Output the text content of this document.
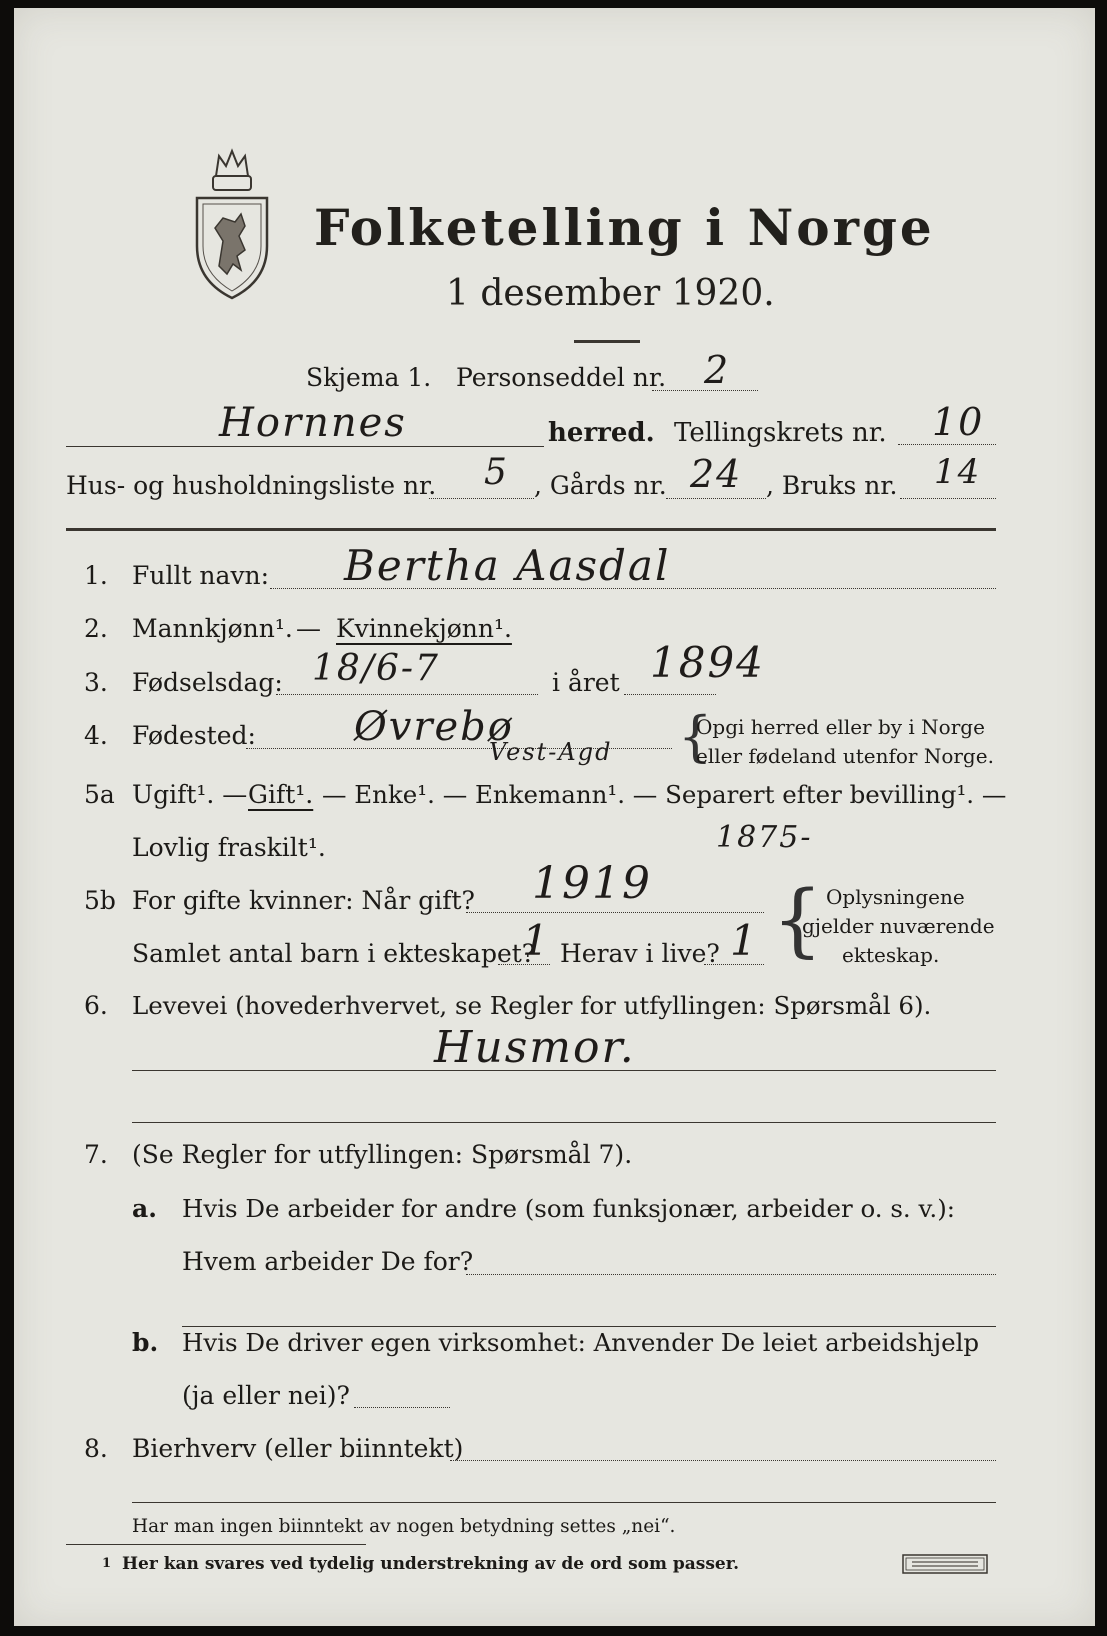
Folketelling i Norge
1 desember 1920.
Skjema 1. Personseddel nr. 2
Hornnes	herred. Tellingskrets nr. 10
Hus- og husholdningsliste nr. 5 , Gårds nr. 24 , Bruks nr. 14
1. Fullt navn: Bertha Aasdal
2. Mannkjønn¹. — Kvinnekjønn¹.
3. Fødselsdag: 18/6-7	i året 1894
4. Fødested: Øvrebø
Vest-Agd {
Opgi herred eller by i Norge
eller fødeland utenfor Norge.
5a Ugift¹. — Gift¹. — Enke¹. — Enkemann¹. — Separert efter bevilling¹. —
Lovlig fraskilt¹.	1875-
5b For gifte kvinner: Når gift? 1919
Samlet antal barn i ekteskapet?
1 Herav i live? 1 { Oplysningene
gjelder nuværende
ekteskap.
6. Levevei (hovederhvervet, se Regler for utfyllingen: Spørsmål 6).
Husmor.
7. (Se Regler for utfyllingen: Spørsmål 7).
a. Hvis De arbeider for andre (som funksjonær, arbeider o. s. v.):
Hvem arbeider De for?
b. Hvis De driver egen virksomhet: Anvender De leiet arbeidshjelp
(ja eller nei)?
8. Bierhverv (eller biinntekt)
Har man ingen biinntekt av nogen betydning settes „nei“.
1 Her kan svares ved tydelig understrekning av de ord som passer.
